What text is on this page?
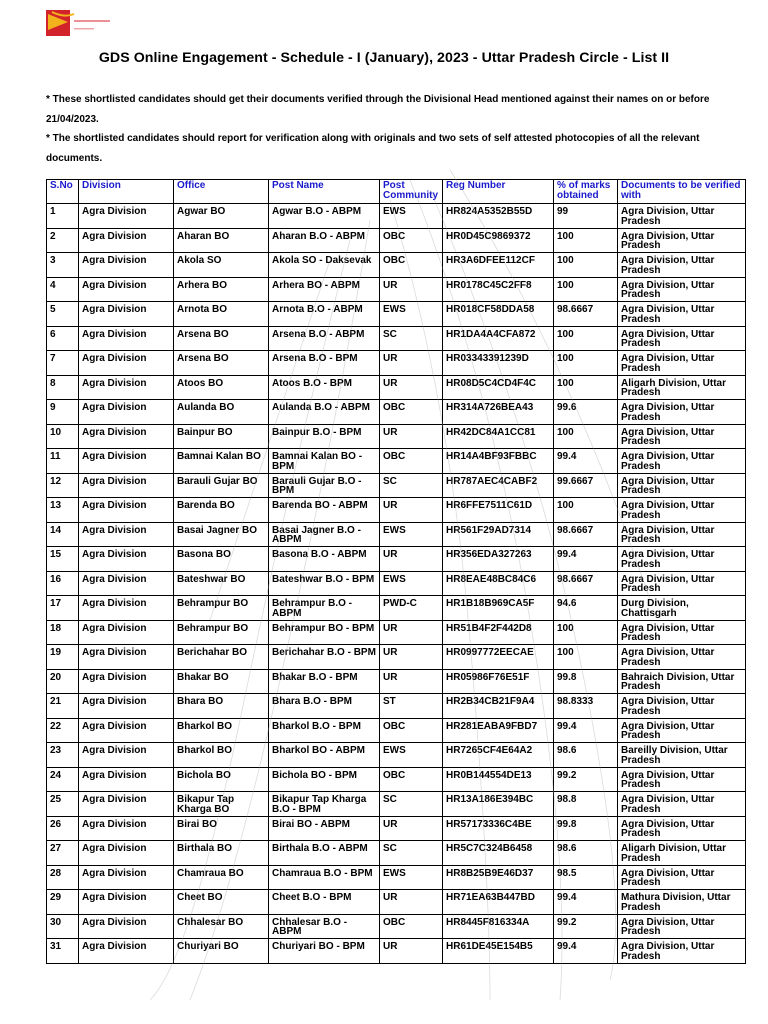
GDS Online Engagement - Schedule - I (January), 2023 - Uttar Pradesh Circle - List II

* These shortlisted candidates should get their documents verified through the Divisional Head mentioned against their names on or before 21/04/2023.

* The shortlisted candidates should report for verification along with originals and two sets of self attested photocopies of all the relevant documents.

S.No	Division	Office	Post Name	Post Community	Reg Number	% of marks obtained	Documents to be verified with
1	Agra Division	Agwar BO	Agwar B.O - ABPM	EWS	HR824A5352B55D	99	Agra Division, Uttar Pradesh
2	Agra Division	Aharan BO	Aharan B.O - ABPM	OBC	HR0D45C9869372	100	Agra Division, Uttar Pradesh
3	Agra Division	Akola SO	Akola SO - Daksevak	OBC	HR3A6DFEE112CF	100	Agra Division, Uttar Pradesh
4	Agra Division	Arhera BO	Arhera BO - ABPM	UR	HR0178C45C2FF8	100	Agra Division, Uttar Pradesh
5	Agra Division	Arnota BO	Arnota B.O - ABPM	EWS	HR018CF58DDA58	98.6667	Agra Division, Uttar Pradesh
6	Agra Division	Arsena BO	Arsena B.O - ABPM	SC	HR1DA4A4CFA872	100	Agra Division, Uttar Pradesh
7	Agra Division	Arsena BO	Arsena B.O - BPM	UR	HR03343391239D	100	Agra Division, Uttar Pradesh
8	Agra Division	Atoos BO	Atoos B.O - BPM	UR	HR08D5C4CD4F4C	100	Aligarh Division, Uttar Pradesh
9	Agra Division	Aulanda BO	Aulanda B.O - ABPM	OBC	HR314A726BEA43	99.6	Agra Division, Uttar Pradesh
10	Agra Division	Bainpur BO	Bainpur B.O - BPM	UR	HR42DC84A1CC81	100	Agra Division, Uttar Pradesh
11	Agra Division	Bamnai Kalan BO	Bamnai Kalan BO - BPM	OBC	HR14A4BF93FBBC	99.4	Agra Division, Uttar Pradesh
12	Agra Division	Barauli Gujar BO	Barauli Gujar B.O - BPM	SC	HR787AEC4CABF2	99.6667	Agra Division, Uttar Pradesh
13	Agra Division	Barenda BO	Barenda BO - ABPM	UR	HR6FFE7511C61D	100	Agra Division, Uttar Pradesh
14	Agra Division	Basai Jagner BO	Basai Jagner B.O - ABPM	EWS	HR561F29AD7314	98.6667	Agra Division, Uttar Pradesh
15	Agra Division	Basona BO	Basona B.O - ABPM	UR	HR356EDA327263	99.4	Agra Division, Uttar Pradesh
16	Agra Division	Bateshwar BO	Bateshwar B.O - BPM	EWS	HR8EAE48BC84C6	98.6667	Agra Division, Uttar Pradesh
17	Agra Division	Behrampur BO	Behrampur B.O - ABPM	PWD-C	HR1B18B969CA5F	94.6	Durg Division, Chattisgarh
18	Agra Division	Behrampur BO	Behrampur BO - BPM	UR	HR51B4F2F442D8	100	Agra Division, Uttar Pradesh
19	Agra Division	Berichahar BO	Berichahar B.O - BPM	UR	HR0997772EECAE	100	Agra Division, Uttar Pradesh
20	Agra Division	Bhakar BO	Bhakar B.O - BPM	UR	HR05986F76E51F	99.8	Bahraich Division, Uttar Pradesh
21	Agra Division	Bhara BO	Bhara B.O - BPM	ST	HR2B34CB21F9A4	98.8333	Agra Division, Uttar Pradesh
22	Agra Division	Bharkol BO	Bharkol B.O - BPM	OBC	HR281EABA9FBD7	99.4	Agra Division, Uttar Pradesh
23	Agra Division	Bharkol BO	Bharkol BO - ABPM	EWS	HR7265CF4E64A2	98.6	Bareilly Division, Uttar Pradesh
24	Agra Division	Bichola BO	Bichola BO - BPM	OBC	HR0B144554DE13	99.2	Agra Division, Uttar Pradesh
25	Agra Division	Bikapur Tap Kharga BO	Bikapur Tap Kharga B.O - BPM	SC	HR13A186E394BC	98.8	Agra Division, Uttar Pradesh
26	Agra Division	Birai BO	Birai BO - ABPM	UR	HR57173336C4BE	99.8	Agra Division, Uttar Pradesh
27	Agra Division	Birthala BO	Birthala B.O - ABPM	SC	HR5C7C324B6458	98.6	Aligarh Division, Uttar Pradesh
28	Agra Division	Chamraua BO	Chamraua B.O - BPM	EWS	HR8B25B9E46D37	98.5	Agra Division, Uttar Pradesh
29	Agra Division	Cheet BO	Cheet B.O - BPM	UR	HR71EA63B447BD	99.4	Mathura Division, Uttar Pradesh
30	Agra Division	Chhalesar BO	Chhalesar B.O - ABPM	OBC	HR8445F816334A	99.2	Agra Division, Uttar Pradesh
31	Agra Division	Churiyari BO	Churiyari BO - BPM	UR	HR61DE45E154B5	99.4	Agra Division, Uttar Pradesh
